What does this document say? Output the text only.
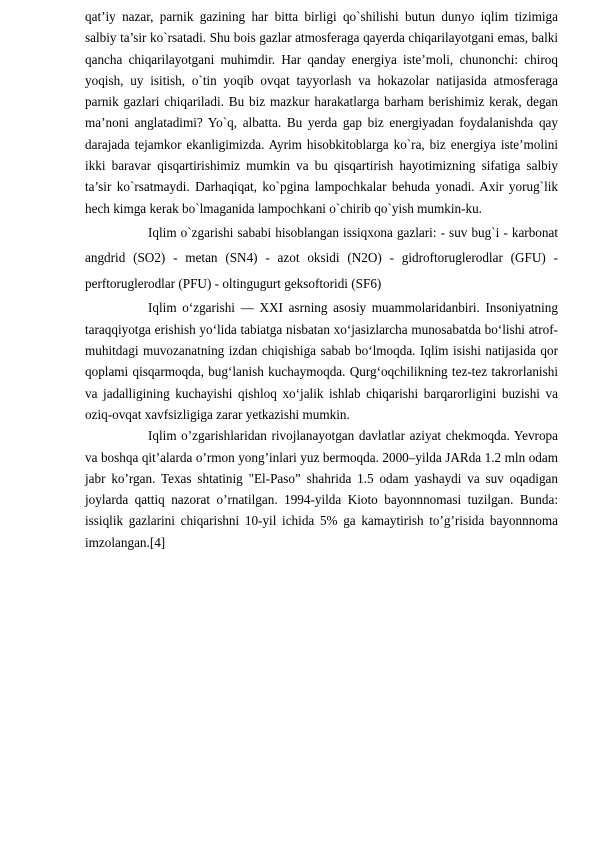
qat’iy nazar, parnik gazining har bitta birligi qo`shilishi butun dunyo iqlim tizimiga salbiy ta’sir ko`rsatadi. Shu bois gazlar atmosferaga qayerda chiqarilayotgani emas, balki qancha chiqarilayotgani muhimdir. Har qanday energiya iste’moli, chunonchi: chiroq yoqish, uy isitish, o`tin yoqib ovqat tayyorlash va hokazolar natijasida atmosferaga parnik gazlari chiqariladi. Bu biz mazkur harakatlarga barham berishimiz kerak, degan ma’noni anglatadimi? Yo`q, albatta. Bu yerda gap biz energiyadan foydalanishda qay darajada tejamkor ekanligimizda. Ayrim hisobkitoblarga ko`ra, biz energiya iste’molini ikki baravar qisqartirishimiz mumkin va bu qisqartirish hayotimizning sifatiga salbiy ta’sir ko`rsatmaydi. Darhaqiqat, ko`pgina lampochkalar behuda yonadi. Axir yorug`lik hech kimga kerak bo`lmaganida lampochkani o`chirib qo`yish mumkin-ku.

Iqlim o`zgarishi sababi hisoblangan issiqxona gazlari: - suv bug`i - karbonat angdrid (SO2) - metan (SN4) - azot oksidi (N2O) - gidroftoruglerodlar (GFU) - perftoruglerodlar (PFU) - oltingugurt geksoftoridi (SF6)

Iqlim o‘zgarishi — XXI asrning asosiy muammolaridanbiri. Insoniyatning taraqqiyotga erishish yo‘lida tabiatga nisbatan xo‘jasizlarcha munosabatda bo‘lishi atrof-muhitdagi muvozanatning izdan chiqishiga sabab bo‘lmoqda. Iqlim isishi natijasida qor qoplami qisqarmoqda, bug‘lanish kuchaymoqda. Qurg‘oqchilikning tez-tez takrorlanishi va jadalligining kuchayishi qishloq xo‘jalik ishlab chiqarishi barqarorligini buzishi va oziq-ovqat xavfsizligiga zarar yetkazishi mumkin.

Iqlim o’zgarishlaridan rivojlanayotgan davlatlar aziyat chekmoqda. Yevropa va boshqa qit’alarda o’rmon yong’inlari yuz bermoqda. 2000–yilda JARda 1.2 mln odam jabr ko’rgan. Texas shtatinig "El-Paso” shahrida 1.5 odam yashaydi va suv oqadigan joylarda qattiq nazorat o’rnatilgan. 1994-yilda Kioto bayonnnomasi tuzilgan. Bunda: issiqlik gazlarini chiqarishni 10-yil ichida 5% ga kamaytirish to’g’risida bayonnnoma imzolangan.[4]
